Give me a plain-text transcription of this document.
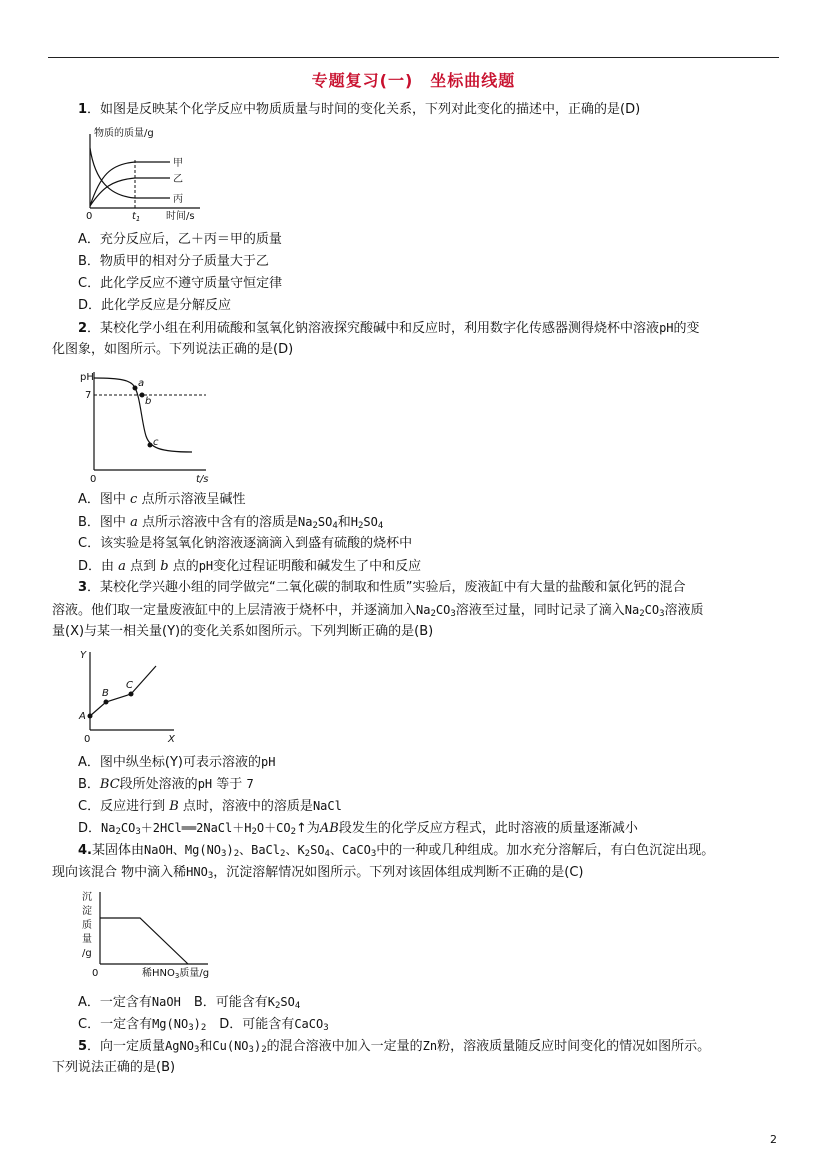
专题复习(一)　坐标曲线题
1．如图是反映某个化学反应中物质质量与时间的变化关系，下列对此变化的描述中，正确的是(D)
物质的质量/g
0
甲
乙
丙
$t_1$	时间/s
A．充分反应后，乙＋丙＝甲的质量
B．物质甲的相对分子质量大于乙
C．此化学反应不遵守质量守恒定律
D．此化学反应是分解反应
2．某校化学小组在利用硫酸和氢氧化钠溶液探究酸碱中和反应时，利用数字化传感器测得烧杯中溶液pH的变
化图象，如图所示。下列说法正确的是(D)
pH
7
a
b
c
0	t/s
A．图中 c 点所示溶液呈碱性
B．图中 a 点所示溶液中含有的溶质是$Na_2SO_4$和$H_2SO_4$
C．该实验是将氢氧化钠溶液逐滴滴入到盛有硫酸的烧杯中
D．由 a 点到 b 点的pH变化过程证明酸和碱发生了中和反应
3．某校化学兴趣小组的同学做完“二氧化碳的制取和性质”实验后，废液缸中有大量的盐酸和氯化钙的混合
溶液。他们取一定量废液缸中的上层清液于烧杯中，并逐滴加入$Na_2CO_3$溶液至过量，同时记录了滴入$Na_2CO_3$溶液质
量(X)与某一相关量(Y)的变化关系如图所示。下列判断正确的是(B)
Y
A
B
C
0	X
A．图中纵坐标(Y)可表示溶液的pH
B．BC段所处溶液的pH 等于 7
C．反应进行到 B 点时，溶液中的溶质是NaCl
D．$Na_2CO_3+2HCl══2NaCl+H_2O+CO_2↑$为AB段发生的化学反应方程式，此时溶液的质量逐渐减小
4.某固体由NaOH、$Mg(NO_3)_2$、BaCl$_2$、$K_2SO_4$、CaCO$_3$中的一种或几种组成。加水充分溶解后，有白色沉淀出现。
现向该混合 物中滴入稀$HNO_3$，沉淀溶解情况如图所示。下列对该固体组成判断不正确的是(C)
沉
淀
质
量
/g
0	稀$HNO_3$质量/g
A．一定含有NaOH　 B．可能含有$K_2SO_4$
C．一定含有$Mg(NO_3)_2$　 D．可能含有CaCO$_3$
5．向一定质量AgNO$_3$和$Cu(NO_3)_2$的混合溶液中加入一定量的Zn粉，溶液质量随反应时间变化的情况如图所示。
下列说法正确的是(B)
2
